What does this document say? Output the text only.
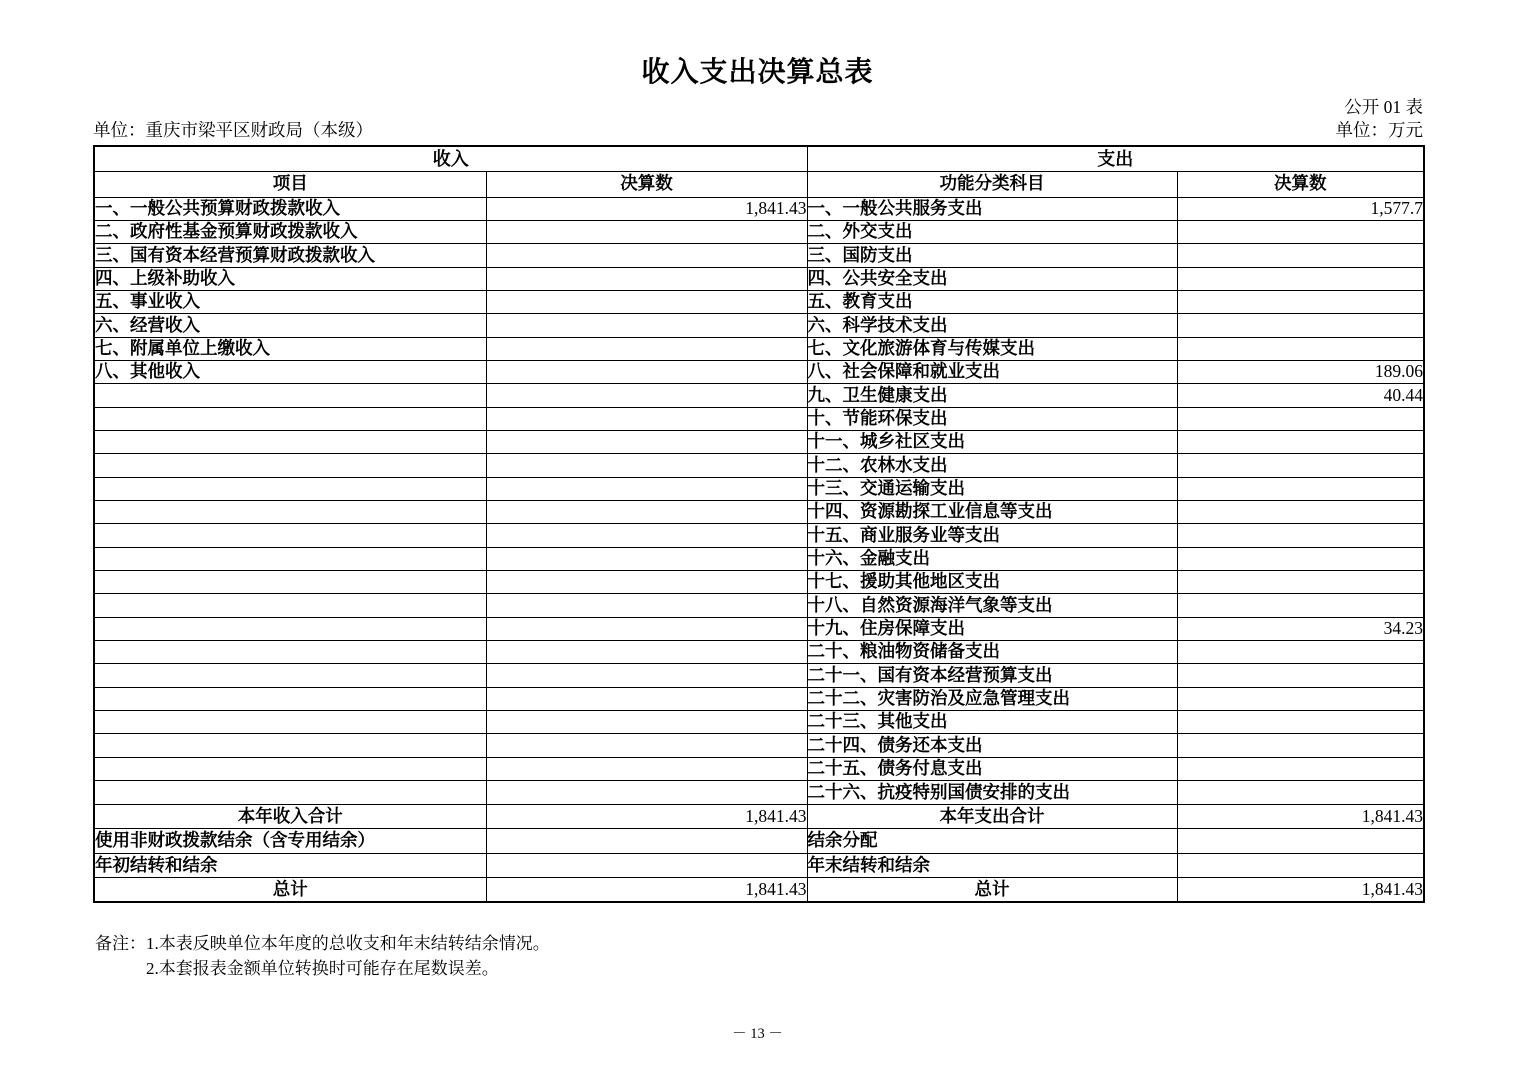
收入支出决算总表
公开 01 表
单位：重庆市梁平区财政局（本级）	单位：万元
收入		支出	
项目	决算数	功能分类科目	决算数
一、一般公共预算财政拨款收入	1,841.43	一、一般公共服务支出	1,577.7
二、政府性基金预算财政拨款收入		二、外交支出	
三、国有资本经营预算财政拨款收入		三、国防支出	
四、上级补助收入		四、公共安全支出	
五、事业收入		五、教育支出	
六、经营收入		六、科学技术支出	
七、附属单位上缴收入		七、文化旅游体育与传媒支出	
八、其他收入		八、社会保障和就业支出	189.06
		九、卫生健康支出	40.44
		十、节能环保支出	
		十一、城乡社区支出	
		十二、农林水支出	
		十三、交通运输支出	
		十四、资源勘探工业信息等支出	
		十五、商业服务业等支出	
		十六、金融支出	
		十七、援助其他地区支出	
		十八、自然资源海洋气象等支出	
		十九、住房保障支出	34.23
		二十、粮油物资储备支出	
		二十一、国有资本经营预算支出	
		二十二、灾害防治及应急管理支出	
		二十三、其他支出	
		二十四、债务还本支出	
		二十五、债务付息支出	
		二十六、抗疫特别国债安排的支出	
本年收入合计	1,841.43	本年支出合计	1,841.43
使用非财政拨款结余（含专用结余）		结余分配	
年初结转和结余		年末结转和结余	
总计	1,841.43	总计	1,841.43
备注： 1.本表反映单位本年度的总收支和年末结转结余情况。
2.本套报表金额单位转换时可能存在尾数误差。
－ 13 －
